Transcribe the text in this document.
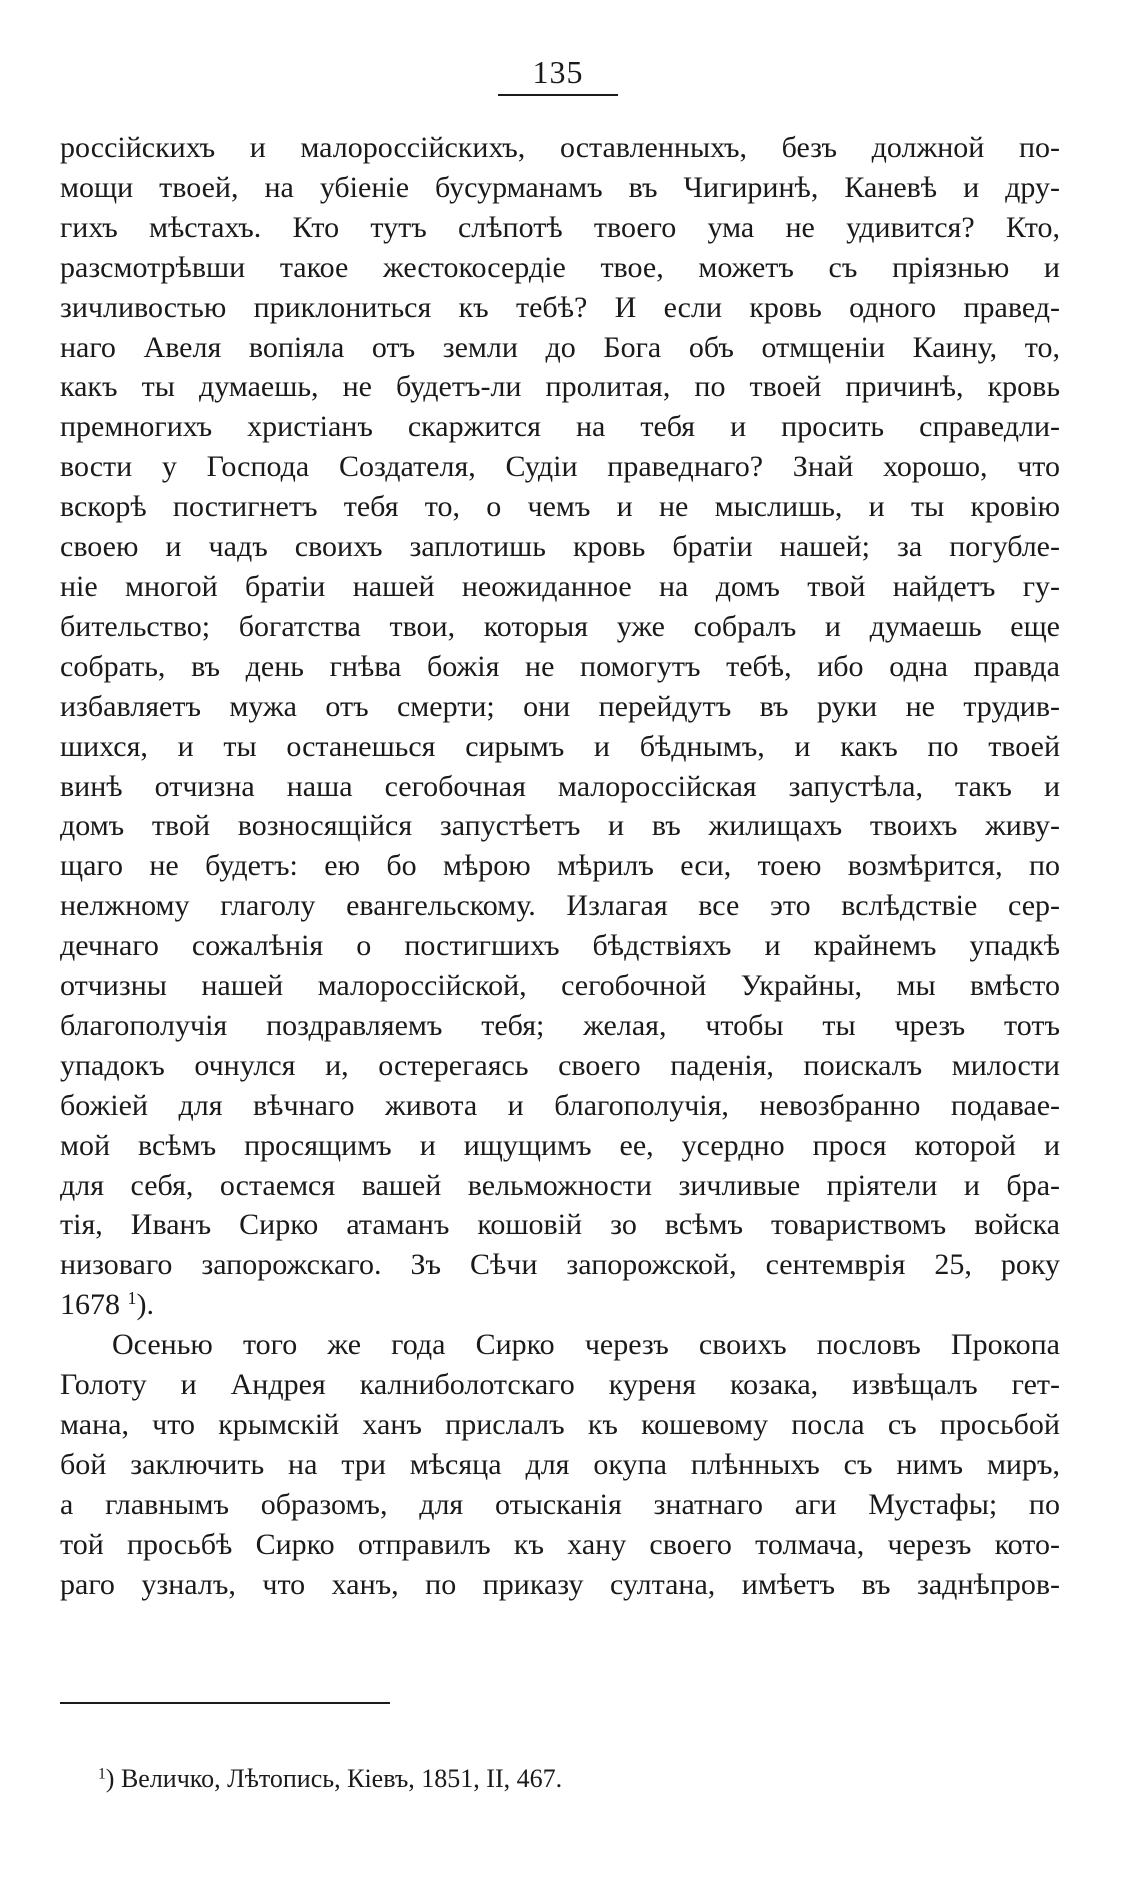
135
россійскихъ и малороссійскихъ, оставленныхъ, безъ должной по-
мощи твоей, на убіеніе бусурманамъ въ Чигиринѣ, Каневѣ и дру-
гихъ мѣстахъ. Кто тутъ слѣпотѣ твоего ума не удивится? Кто,
разсмотрѣвши такое жестокосердіе твое, можетъ съ пріязнью и
зичливостью приклониться къ тебѣ? И если кровь одного правед-
наго Авеля вопіяла отъ земли до Бога объ отмщеніи Каину, то,
какъ ты думаешь, не будетъ-ли пролитая, по твоей причинѣ, кровь
премногихъ христіанъ скаржится на тебя и просить справедли-
вости у Господа Создателя, Судіи праведнаго? Знай хорошо, что
вскорѣ постигнетъ тебя то, о чемъ и не мыслишь, и ты кровію
своею и чадъ своихъ заплотишь кровь братіи нашей; за погубле-
ніе многой братіи нашей неожиданное на домъ твой найдетъ гу-
бительство; богатства твои, которыя уже собралъ и думаешь еще
собрать, въ день гнѣва божія не помогутъ тебѣ, ибо одна правда
избавляетъ мужа отъ смерти; они перейдутъ въ руки не трудив-
шихся, и ты останешься сирымъ и бѣднымъ, и какъ по твоей
винѣ отчизна наша сегобочная малороссійская запустѣла, такъ и
домъ твой возносящійся запустѣетъ и въ жилищахъ твоихъ живу-
щаго не будетъ: ею бо мѣрою мѣрилъ еси, тоею возмѣрится, по
нелжному глаголу евангельскому. Излагая все это вслѣдствіе сер-
дечнаго сожалѣнія о постигшихъ бѣдствіяхъ и крайнемъ упадкѣ
отчизны нашей малороссійской, сегобочной Украйны, мы вмѣсто
благополучія поздравляемъ тебя; желая, чтобы ты чрезъ тотъ
упадокъ очнулся и, остерегаясь своего паденія, поискалъ милости
божіей для вѣчнаго живота и благополучія, невозбранно подавае-
мой всѣмъ просящимъ и ищущимъ ее, усердно прося которой и
для себя, остаемся вашей вельможности зичливые пріятели и бра-
тія, Иванъ Сирко атаманъ кошовій зо всѣмъ товариствомъ войска
низоваго запорожскаго. Зъ Сѣчи запорожской, сентемврія 25, року
1678 $^1$).
Осенью того же года Сирко черезъ своихъ пословъ Прокопа
Голоту и Андрея калниболотскаго куреня козака, извѣщалъ гет-
мана, что крымскій ханъ прислалъ къ кошевому посла съ просьбой
бой заключить на три мѣсяца для окупа плѣнныхъ съ нимъ миръ,
а главнымъ образомъ, для отысканія знатнаго аги Мустафы; по
той просьбѣ Сирко отправилъ къ хану своего толмача, черезъ кото-
раго узналъ, что ханъ, по приказу султана, имѣетъ въ заднѣпров-
$^1$) Величко, Лѣтопись, Кіевъ, 1851, II, 467.
